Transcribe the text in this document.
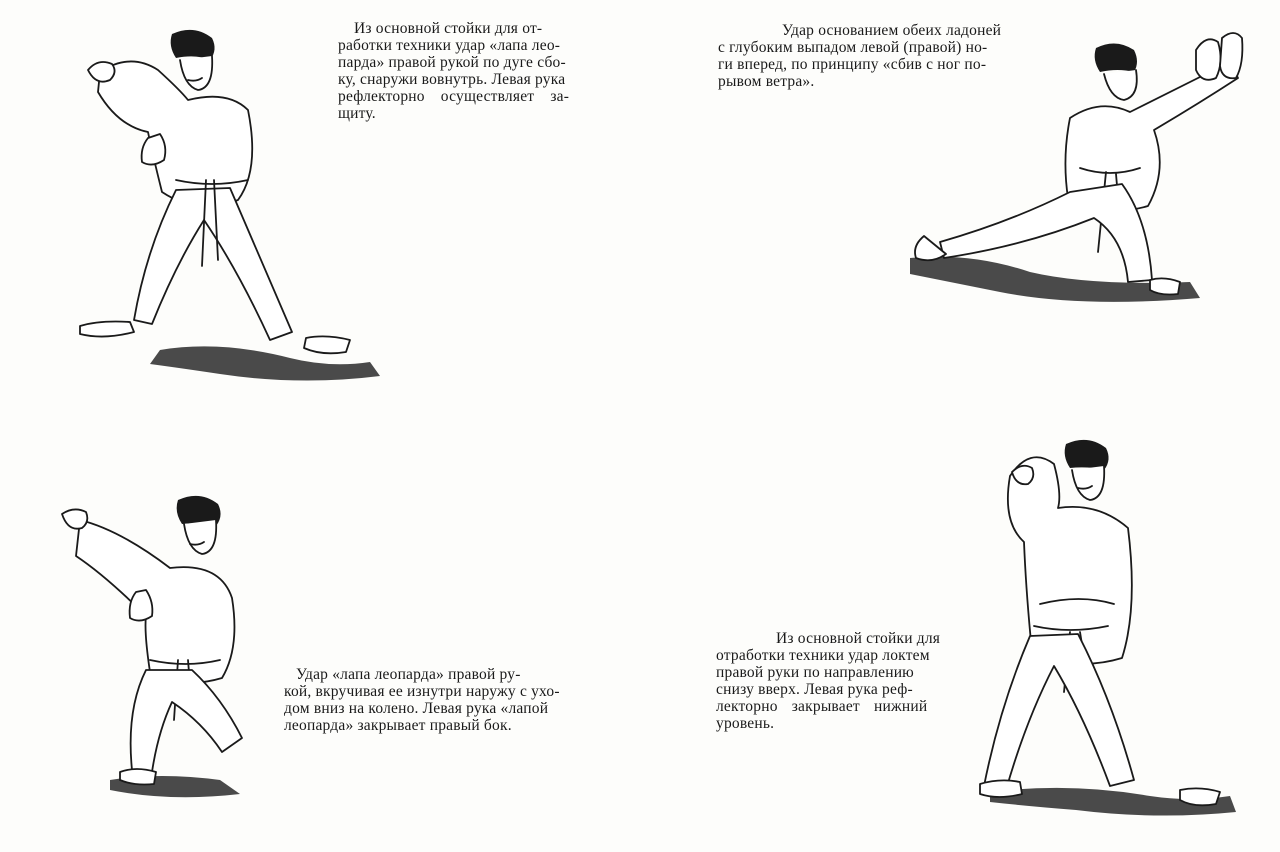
Из основной стойки для от-
работки техники удар «лапа лео-
парда» правой рукой по дуге сбо-
ку, снаружи вовнутрь. Левая рука
рефлекторно осуществляет за-
щиту.
Удар основанием обеих ладоней
с глубоким выпадом левой (правой) но-
ги вперед, по принципу «сбив с ног по-
рывом ветра».
Удар «лапа леопарда» правой ру-
кой, вкручивая ее изнутри наружу с ухо-
дом вниз на колено. Левая рука «лапой
леопарда» закрывает правый бок.
Из основной стойки для
отработки техники удар локтем
правой руки по направлению
снизу вверх. Левая рука реф-
лекторно закрывает нижний
уровень.
